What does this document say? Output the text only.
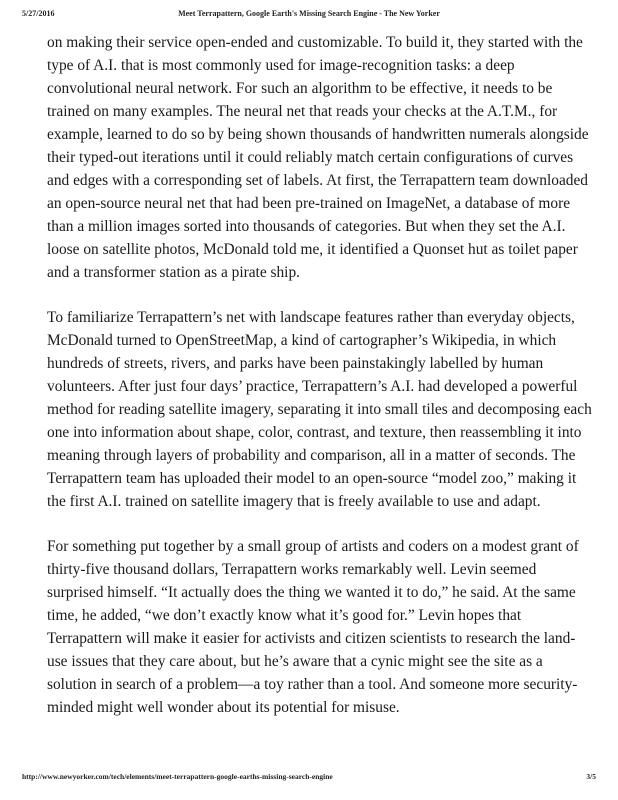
5/27/2016	Meet Terrapattern, Google Earth's Missing Search Engine - The New Yorker

on making their service open-ended and customizable. To build it, they started with the type of A.I. that is most commonly used for image-recognition tasks: a deep convolutional neural network. For such an algorithm to be effective, it needs to be trained on many examples. The neural net that reads your checks at the A.T.M., for example, learned to do so by being shown thousands of handwritten numerals alongside their typed-out iterations until it could reliably match certain configurations of curves and edges with a corresponding set of labels. At first, the Terrapattern team downloaded an open-source neural net that had been pre-trained on ImageNet, a database of more than a million images sorted into thousands of categories. But when they set the A.I. loose on satellite photos, McDonald told me, it identified a Quonset hut as toilet paper and a transformer station as a pirate ship.

To familiarize Terrapattern’s net with landscape features rather than everyday objects, McDonald turned to OpenStreetMap, a kind of cartographer’s Wikipedia, in which hundreds of streets, rivers, and parks have been painstakingly labelled by human volunteers. After just four days’ practice, Terrapattern’s A.I. had developed a powerful method for reading satellite imagery, separating it into small tiles and decomposing each one into information about shape, color, contrast, and texture, then reassembling it into meaning through layers of probability and comparison, all in a matter of seconds. The Terrapattern team has uploaded their model to an open-source “model zoo,” making it the first A.I. trained on satellite imagery that is freely available to use and adapt.

For something put together by a small group of artists and coders on a modest grant of thirty-five thousand dollars, Terrapattern works remarkably well. Levin seemed surprised himself. “It actually does the thing we wanted it to do,” he said. At the same time, he added, “we don’t exactly know what it’s good for.” Levin hopes that Terrapattern will make it easier for activists and citizen scientists to research the land-use issues that they care about, but he’s aware that a cynic might see the site as a solution in search of a problem—a toy rather than a tool. And someone more security-minded might well wonder about its potential for misuse.

http://www.newyorker.com/tech/elements/meet-terrapattern-google-earths-missing-search-engine	3/5
